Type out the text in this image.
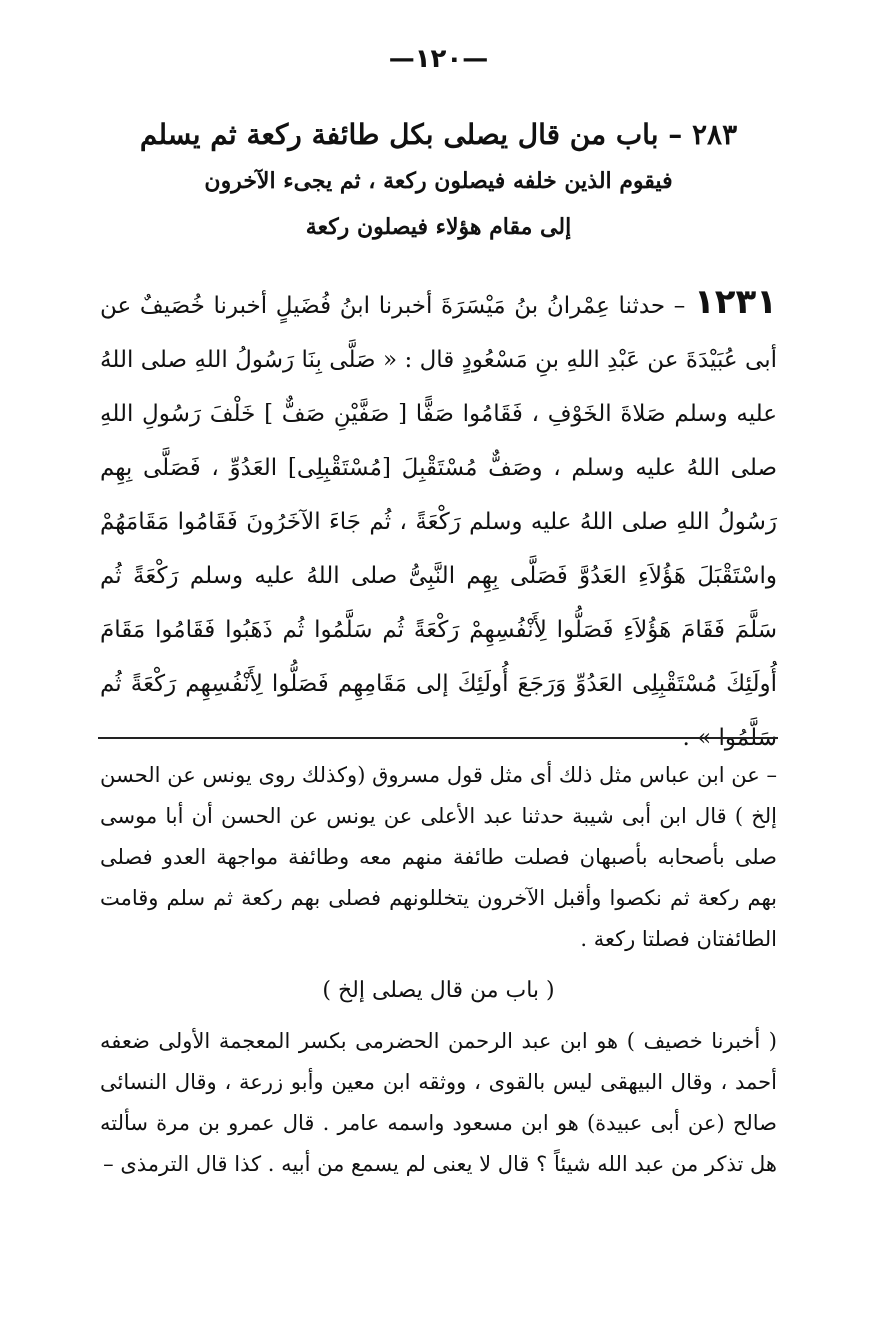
—١٢٠—
٢٨٣ – باب من قال يصلى بكل طائفة ركعة ثم يسلم
فيقوم الذين خلفه فيصلون ركعة ، ثم يجىء الآخرون
إلى مقام هؤلاء فيصلون ركعة
١٢٣١ – حدثنا عِمْرانُ بنُ مَيْسَرَةَ أخبرنا ابنُ فُضَيلٍ أخبرنا خُصَيفٌ عن أبى عُبَيْدَةَ عن عَبْدِ اللهِ بنِ مَسْعُودٍ قال : « صَلَّى بِنَا رَسُولُ اللهِ صلى اللهُ عليه وسلم صَلاةَ الخَوْفِ ، فَقَامُوا صَفًّا [ صَفَّيْنِ صَفٌّ ] خَلْفَ رَسُولِ اللهِ صلى اللهُ عليه وسلم ، وصَفٌّ مُسْتَقْبِلَ [مُسْتَقْبِلِى] العَدُوِّ ، فَصَلَّى بِهِم رَسُولُ اللهِ صلى اللهُ عليه وسلم رَكْعَةً ، ثُم جَاءَ الآخَرُونَ فَقَامُوا مَقَامَهُمْ واسْتَقْبَلَ هَؤُلاَءِ العَدُوَّ فَصَلَّى بِهِم النَّبِىُّ صلى اللهُ عليه وسلم رَكْعَةً ثُم سَلَّمَ فَقَامَ هَؤُلاَءِ فَصَلُّوا لِأَنْفُسِهِمْ رَكْعَةً ثُم سَلَّمُوا ثُم ذَهَبُوا فَقَامُوا مَقَامَ أُولَئِكَ مُسْتَقْبِلِى العَدُوِّ وَرَجَعَ أُولَئِكَ إلى مَقَامِهِم فَصَلُّوا لِأَنْفُسِهِم رَكْعَةً ثُم سَلَّمُوا » .

– عن ابن عباس مثل ذلك أى مثل قول مسروق (وكذلك روى يونس عن الحسن إلخ ) قال ابن أبى شيبة حدثنا عبد الأعلى عن يونس عن الحسن أن أبا موسى صلى بأصحابه بأصبهان فصلت طائفة منهم معه وطائفة مواجهة العدو فصلى بهم ركعة ثم نكصوا وأقبل الآخرون يتخللونهم فصلى بهم ركعة ثم سلم وقامت الطائفتان فصلتا ركعة .

( باب من قال يصلى إلخ )

( أخبرنا خصيف ) هو ابن عبد الرحمن الحضرمى بكسر المعجمة الأولى ضعفه أحمد ، وقال البيهقى ليس بالقوى ، ووثقه ابن معين وأبو زرعة ، وقال النسائى صالح (عن أبى عبيدة) هو ابن مسعود واسمه عامر . قال عمرو بن مرة سألته هل تذكر من عبد الله شيئاً ؟ قال لا يعنى لم يسمع من أبيه . كذا قال الترمذى –
